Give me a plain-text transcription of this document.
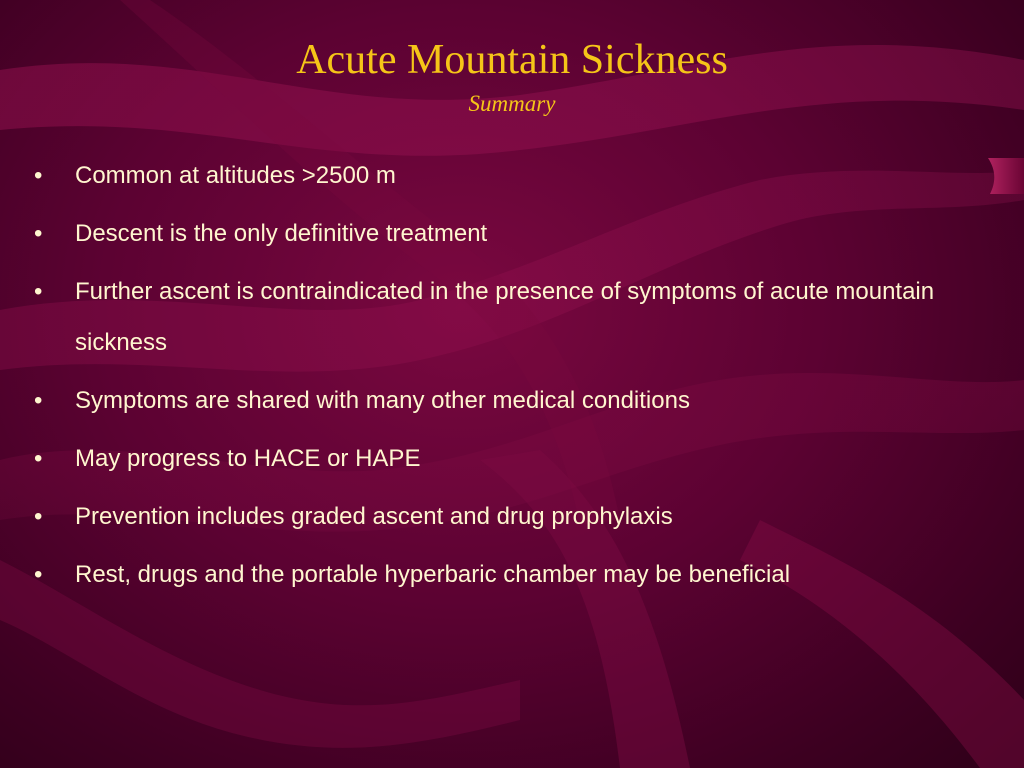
Acute Mountain Sickness
Summary
• Common at altitudes >2500 m
• Descent is the only definitive treatment
• Further ascent is contraindicated in the presence of symptoms of acute mountain sickness
• Symptoms are shared with many other medical conditions
• May progress to HACE or HAPE
• Prevention includes graded ascent and drug prophylaxis
• Rest, drugs and the portable hyperbaric chamber may be beneficial
